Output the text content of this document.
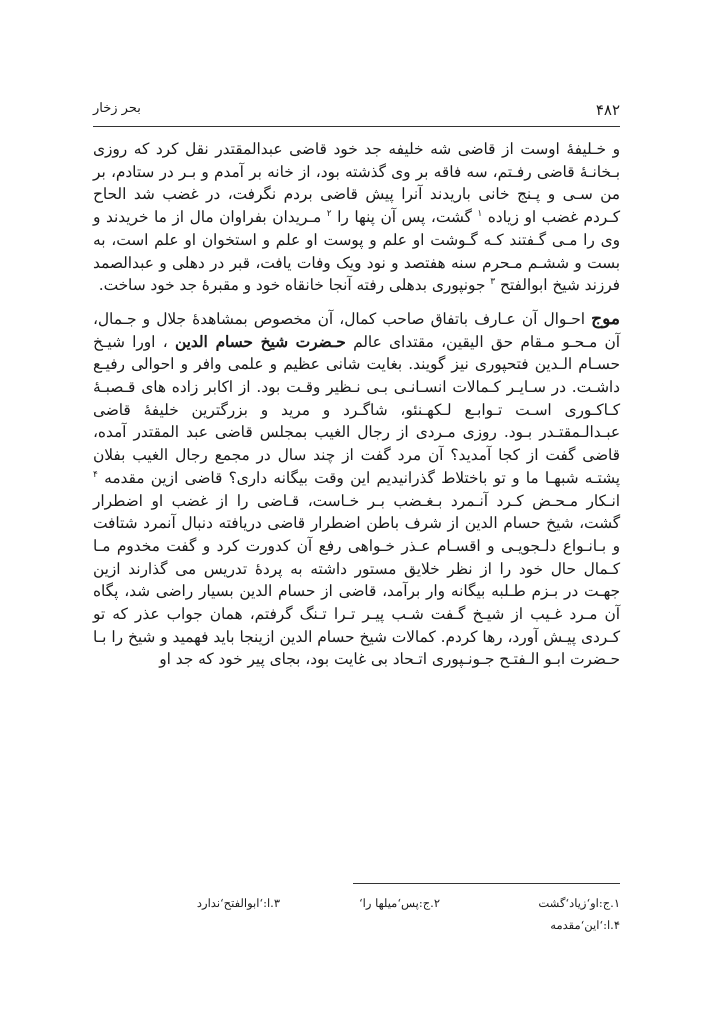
۴۸۲
بحر زخار

و خـلیفهٔ اوست از قاضی شه خلیفه جد خود قاضی عبدالمقتدر نقل کرد که روزی بـخانـهٔ قاضی رفـتم، سه فاقه بر وی گذشته بود، از خانه بر آمدم و بـر در ستادم، بر من سـی و پـنج خانی باریدند آنرا پیش قاضی بردم نگرفت، در غضب شد الحاح کـردم غضب او زیاده $^۱$ گشت، پس آن پنها را $^۲$ مـریدان بفراوان مال از ما خریدند و وی را مـی گـفتند کـه گـوشت او علم و پوست او علم و استخوان او علم است، به بست و ششـم مـحرم سنه هفتصد و نود ویک وفات یافت، قبر در دهلی و عبدالصمد فرزند شیخ ابوالفتح $^۳$ جونپوری بدهلی رفته آنجا خانقاه خود و مقبرهٔ جد خود ساخت.

موج احـوال آن عـارف باتفاق صاحب کمال، آن مخصوص بمشاهدهٔ جلال و جـمال، آن مـحـو مـقام حق الیقین، مقتدای عالم حـضرت شیخ حسام الدین ، اورا شیـخ حسـام الـدین فتحپوری نیز گویند. بغایت شانی عظیم و علمی وافر و احوالی رفیـع داشـت. در سـایـر کـمالات انسـانـی بـی نـظیر وقـت بود. از اکابر زاده های قـصبـهٔ کـاکـوری اسـت تـوابـع لـکهـنئو، شاگـرد و مرید و بزرگترین خلیفهٔ قاضی عبـدالـمقتـدر بـود. روزی مـردی از رجال الغیب بمجلس قاضی عبد المقتدر آمده، قاضی گفت از کجا آمدید؟ آن مرد گفت از چند سال در مجمع رجال الغیب بفلان پشتـه شبهـا ما و تو باختلاط گذرانیدیم این وقت بیگانه داری؟ قاضی ازین مقدمه $^۴$ انـکار مـحـض کـرد آنـمرد بـغـضب بـر خـاست، قـاضی را از غضب او اضطرار گشت، شیخ حسام الدین از شرف باطن اضطرار قاضی دریافته دنبال آنمرد شتافت و بـانـواع دلـجویـی و اقسـام عـذر خـواهی رفع آن کدورت کرد و گفت مخدوم مـا کـمال حال خود را از نظر خلایق مستور داشته به پردهٔ تدریس می گذارند ازین جهـت در بـزم طـلبه بیگانه وار برآمد، قاضی از حسام الدین بسیار راضی شد، پگاه آن مـرد غـیب از شیـخ گـفت شـب پیـر تـرا تـنگ گرفتم، همان جواب عذر که تو کـردی پیـش آورد، رها کردم. کمالات شیخ حسام الدین ازینجا باید فهمید و شیخ را بـا حـضرت ابـو الـفتـح جـونـپوری اتـحاد بی غایت بود، بجای پیر خود که جد او

۱.ج:او‘زیاد‘گشت
۲.ج:پس‘میلها را‘
۳.ا:‘ابوالفتح‘ندارد
۴.ا:‘این‘مقدمه
